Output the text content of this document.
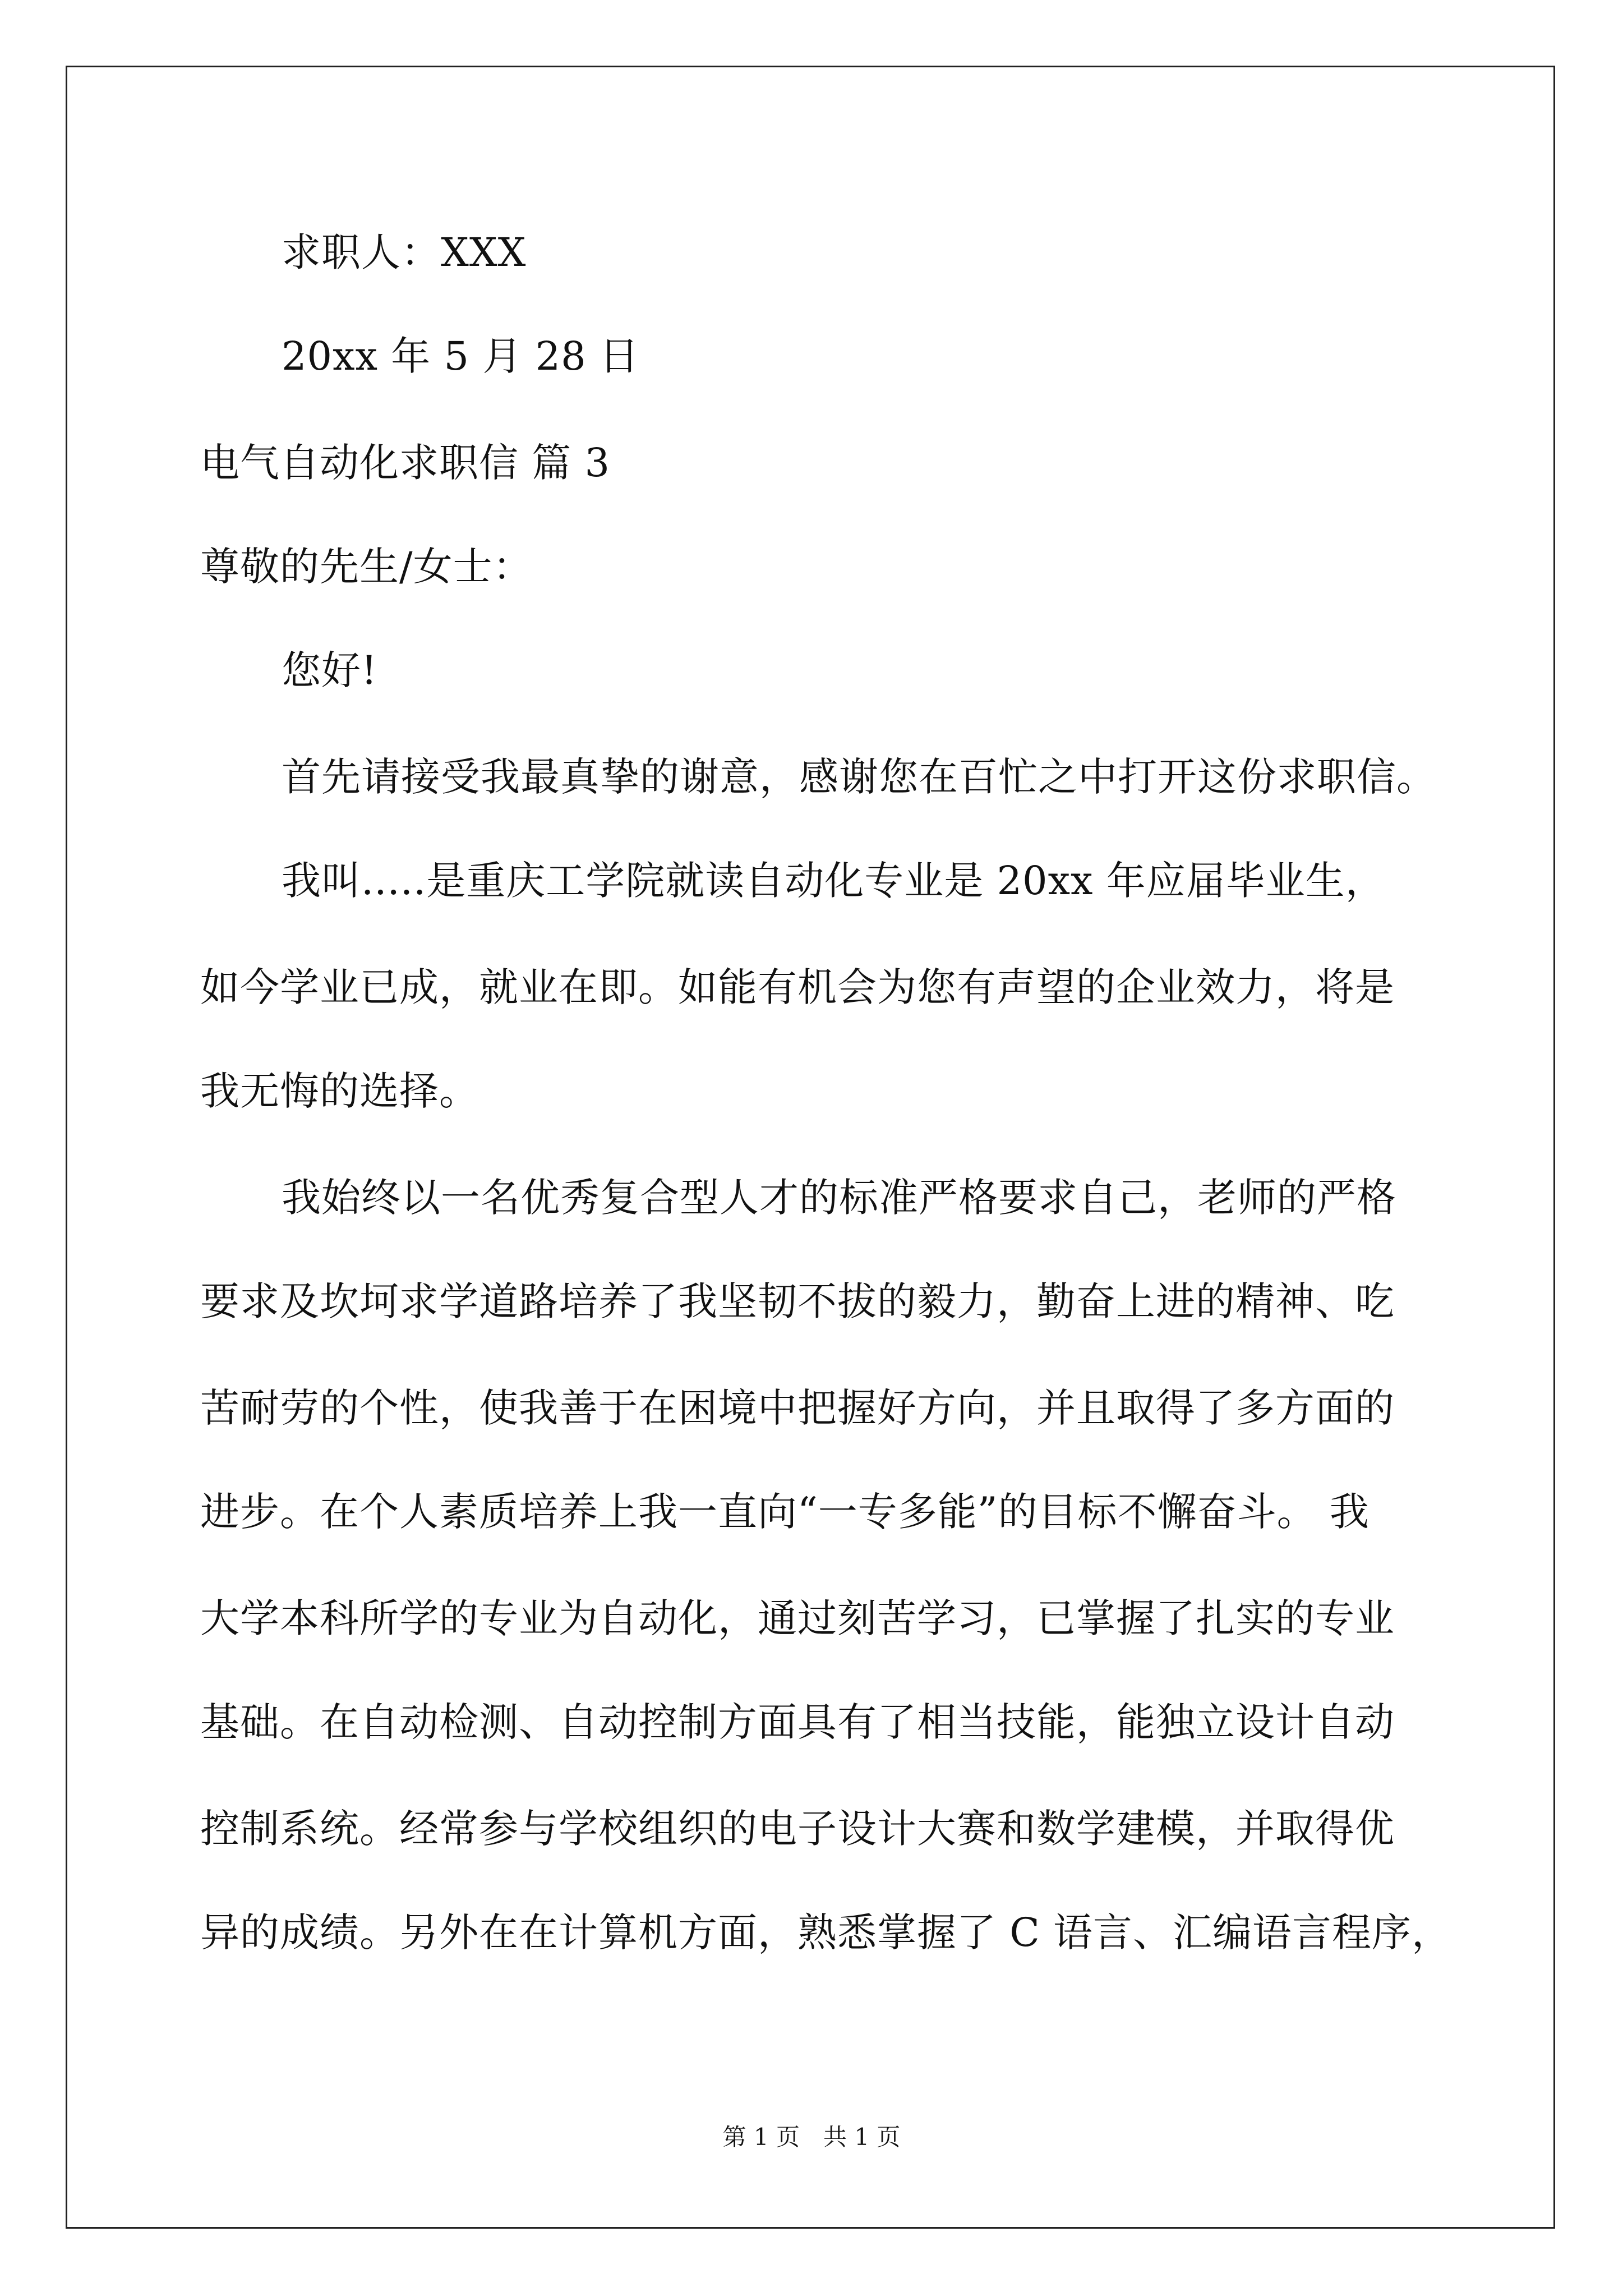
求职人：XXX
20xx 年 5 月 28 日
电气自动化求职信 篇 3
尊敬的先生/女士：
您好!
首先请接受我最真挚的谢意，感谢您在百忙之中打开这份求职信。
我叫.....是重庆工学院就读自动化专业是 20xx 年应届毕业生，
如今学业已成，就业在即。如能有机会为您有声望的企业效力，将是
我无悔的选择。
我始终以一名优秀复合型人才的标准严格要求自己，老师的严格
要求及坎坷求学道路培养了我坚韧不拔的毅力，勤奋上进的精神、吃
苦耐劳的个性，使我善于在困境中把握好方向，并且取得了多方面的
进步。在个人素质培养上我一直向“一专多能”的目标不懈奋斗。 我
大学本科所学的专业为自动化，通过刻苦学习，已掌握了扎实的专业
基础。在自动检测、自动控制方面具有了相当技能，能独立设计自动
控制系统。经常参与学校组织的电子设计大赛和数学建模，并取得优
异的成绩。另外在在计算机方面，熟悉掌握了 C 语言、汇编语言程序，
第 1 页　共 1 页
